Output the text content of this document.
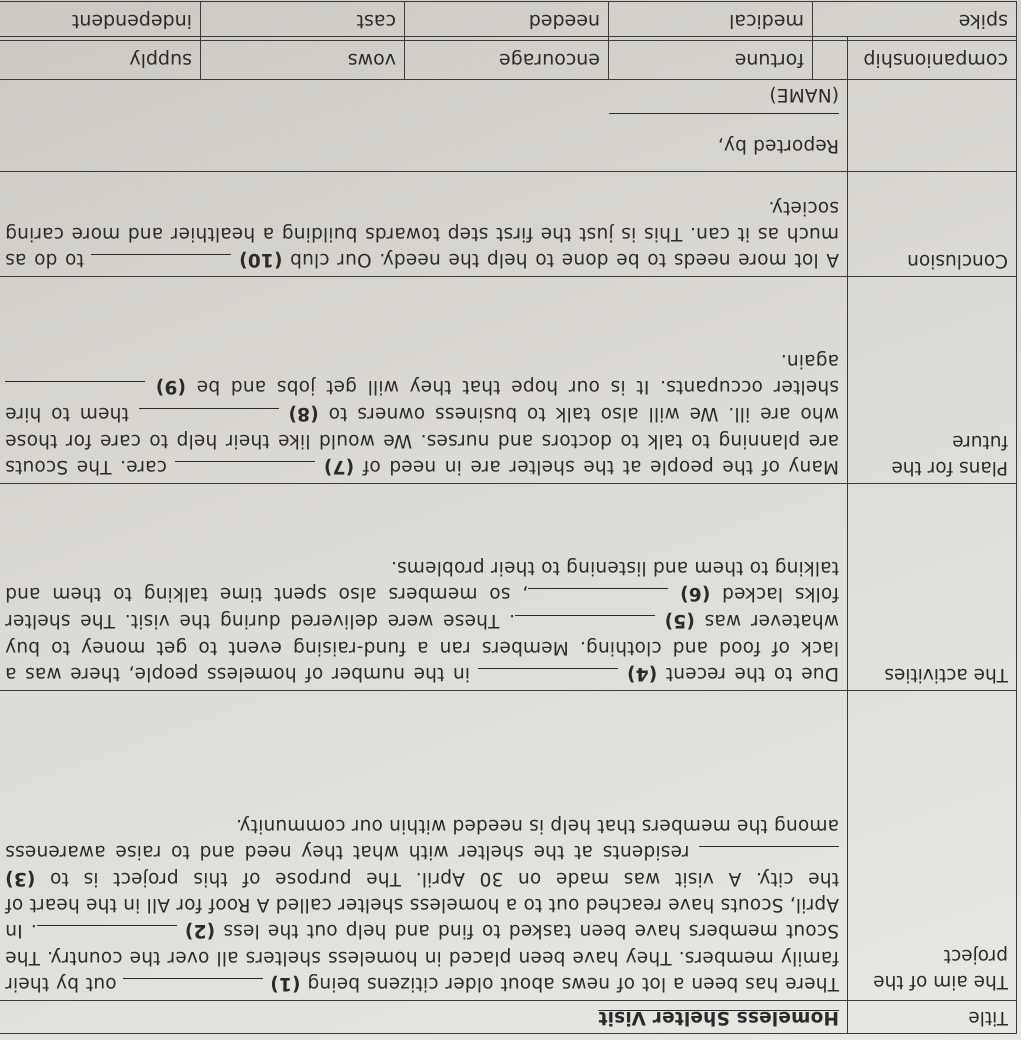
Title	Homeless Shelter Visit
The aim of the project	There has been a lot of news about older citizens being (1)  out by their family members. They have been placed in homeless shelters all over the country. The Scout members have been tasked to find and help out the less (2) . In April, Scouts have reached out to a homeless shelter called A Roof for All in the heart of the city. A visit was made on 30 April. The purpose of this project is to (3)  residents at the shelter with what they need and to raise awareness among the members that help is needed within our community.
The activities	Due to the recent (4)  in the number of homeless people, there was a lack of food and clothing. Members ran a fund-raising event to get money to buy whatever was (5) . These were delivered during the visit. The shelter folks lacked (6) , so members also spent time talking to them and talking to them and listening to their problems.
Plans for the future	Many of the people at the shelter are in need of (7)  care. The Scouts are planning to talk to doctors and nurses. We would like their help to care for those who are ill. We will also talk to business owners to (8)  them to hire shelter occupants. It is our hope that they will get jobs and be (9)  again.
Conclusion	A lot more needs to be done to help the needy. Our club (10)  to do as much as it can. This is just the first step towards building a healthier and more caring society.

	Reported by,

(NAME)
companionship	fortune	encourage	vows	supply
spike	medical	needed	cast	independent
